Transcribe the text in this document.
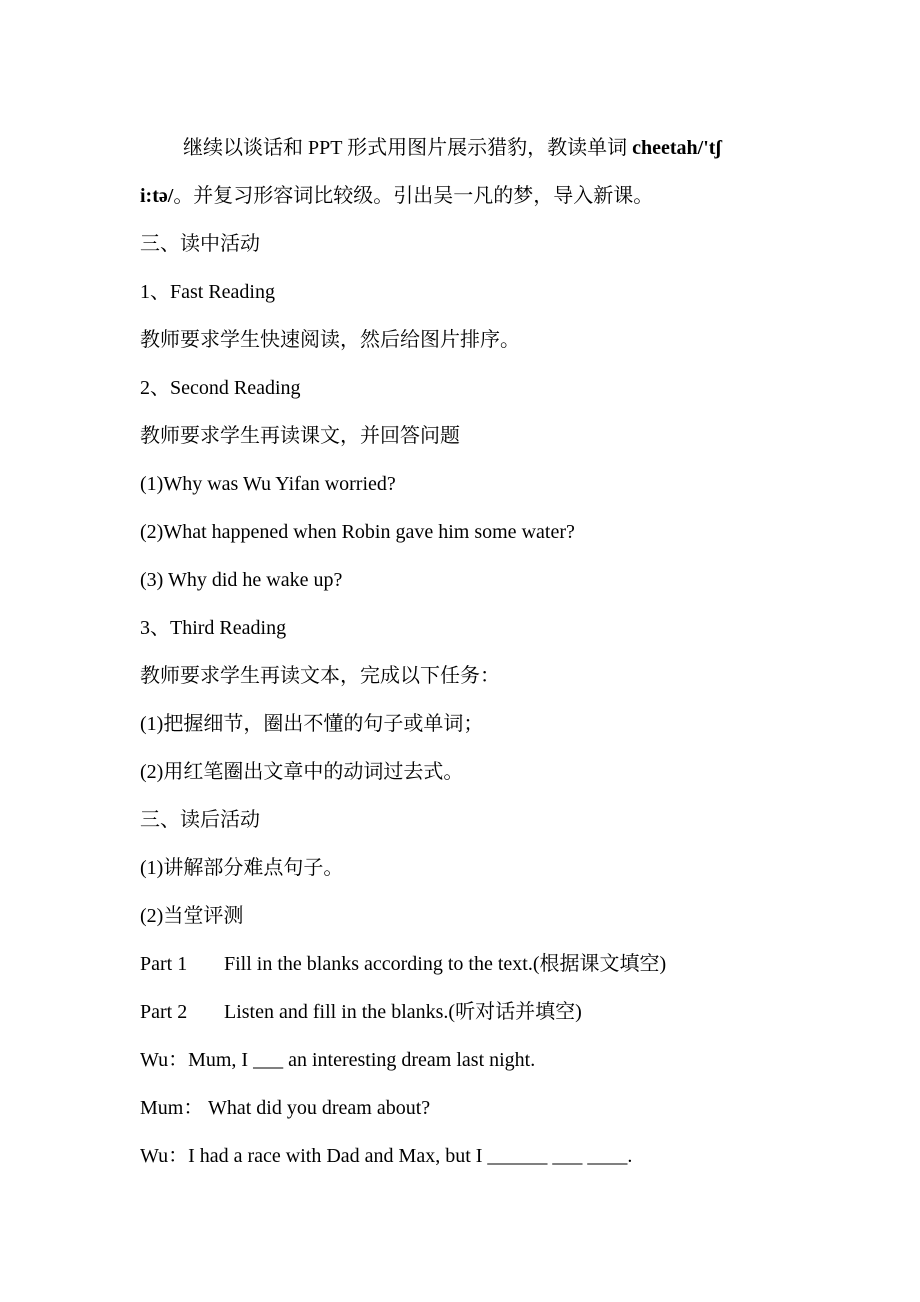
继续以谈话和 PPT 形式用图片展示猎豹，教读单词 cheetah/'tʃ
i:tə/。并复习形容词比较级。引出吴一凡的梦，导入新课。
三、读中活动
1、Fast Reading
教师要求学生快速阅读，然后给图片排序。
2、Second Reading
教师要求学生再读课文，并回答问题
(1)Why was Wu Yifan worried?
(2)What happened when Robin gave him some water?
(3) Why did he wake up?
3、Third Reading
教师要求学生再读文本，完成以下任务：
(1)把握细节，圈出不懂的句子或单词；
(2)用红笔圈出文章中的动词过去式。
三、读后活动
(1)讲解部分难点句子。
(2)当堂评测
Part 1 Fill in the blanks according to the text.(根据课文填空)
Part 2 Listen and fill in the blanks.(听对话并填空)
Wu：Mum, I ___ an interesting dream last night.
Mum： What did you dream about?
Wu：I had a race with Dad and Max, but I ______ ___ ____.
